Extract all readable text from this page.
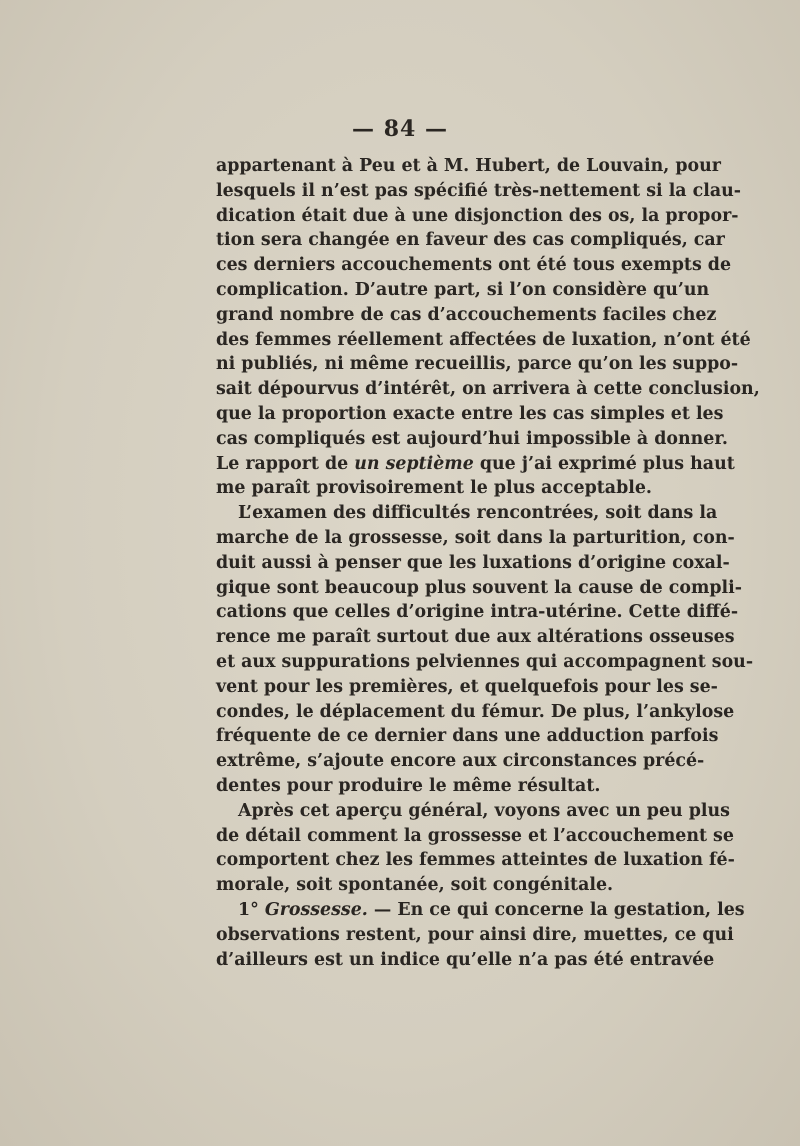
— 84 —
appartenant à Peu et à M. Hubert, de Louvain, pour
lesquels il n’est pas spécifié très-nettement si la clau-
dication était due à une disjonction des os, la propor-
tion sera changée en faveur des cas compliqués, car
ces derniers accouchements ont été tous exempts de
complication. D’autre part, si l’on considère qu’un
grand nombre de cas d’accouchements faciles chez
des femmes réellement affectées de luxation, n’ont été
ni publiés, ni même recueillis, parce qu’on les suppo-
sait dépourvus d’intérêt, on arrivera à cette conclusion,
que la proportion exacte entre les cas simples et les
cas compliqués est aujourd’hui impossible à donner.
Le rapport de un septième que j’ai exprimé plus haut
me paraît provisoirement le plus acceptable.
L’examen des difficultés rencontrées, soit dans la
marche de la grossesse, soit dans la parturition, con-
duit aussi à penser que les luxations d’origine coxal-
gique sont beaucoup plus souvent la cause de compli-
cations que celles d’origine intra-utérine. Cette diffé-
rence me paraît surtout due aux altérations osseuses
et aux suppurations pelviennes qui accompagnent sou-
vent pour les premières, et quelquefois pour les se-
condes, le déplacement du fémur. De plus, l’ankylose
fréquente de ce dernier dans une adduction parfois
extrême, s’ajoute encore aux circonstances précé-
dentes pour produire le même résultat.
Après cet aperçu général, voyons avec un peu plus
de détail comment la grossesse et l’accouchement se
comportent chez les femmes atteintes de luxation fé-
morale, soit spontanée, soit congénitale.
1° Grossesse. — En ce qui concerne la gestation, les
observations restent, pour ainsi dire, muettes, ce qui
d’ailleurs est un indice qu’elle n’a pas été entravée
